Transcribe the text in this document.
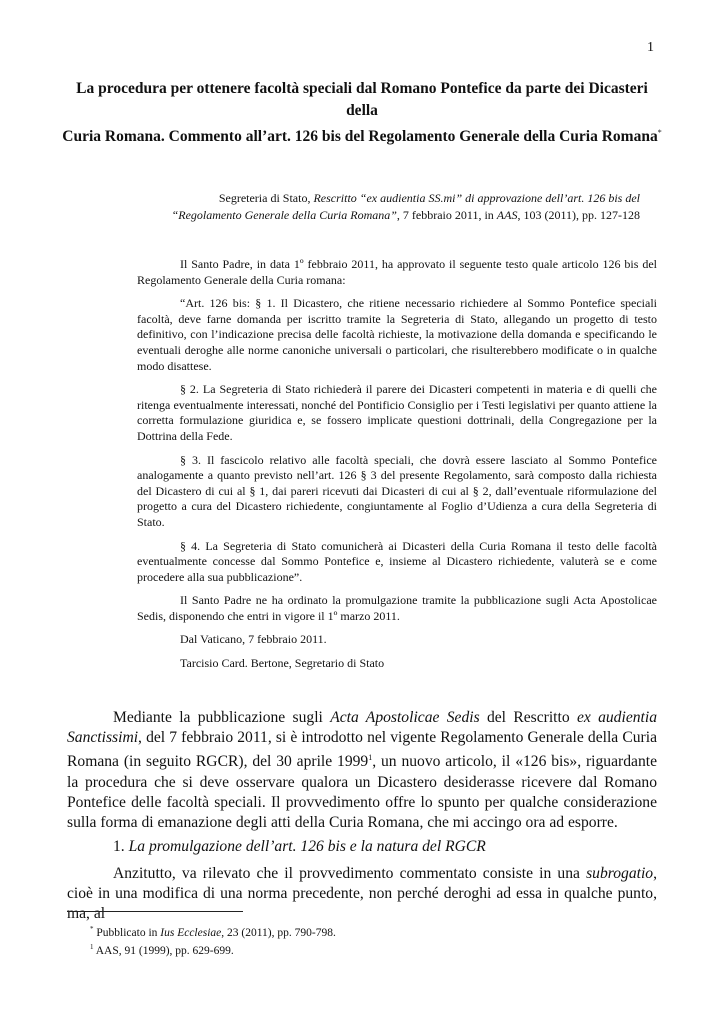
1
La procedura per ottenere facoltà speciali dal Romano Pontefice da parte dei Dicasteri della
Curia Romana. Commento all’art. 126 bis del Regolamento Generale della Curia Romana*
Segreteria di Stato, Rescritto “ex audientia SS.mi” di approvazione dell’art. 126 bis del
“Regolamento Generale della Curia Romana”, 7 febbraio 2011, in AAS, 103 (2011), pp. 127-128

Il Santo Padre, in data 1º febbraio 2011, ha approvato il seguente testo quale articolo 126 bis del Regolamento Generale della Curia romana:

“Art. 126 bis: § 1. Il Dicastero, che ritiene necessario richiedere al Sommo Pontefice speciali facoltà, deve farne domanda per iscritto tramite la Segreteria di Stato, allegando un progetto di testo definitivo, con l’indicazione precisa delle facoltà richieste, la motivazione della domanda e specificando le eventuali deroghe alle norme canoniche universali o particolari, che risulterebbero modificate o in qualche modo disattese.

§ 2. La Segreteria di Stato richiederà il parere dei Dicasteri competenti in materia e di quelli che ritenga eventualmente interessati, nonché del Pontificio Consiglio per i Testi legislativi per quanto attiene la corretta formulazione giuridica e, se fossero implicate questioni dottrinali, della Congregazione per la Dottrina della Fede.

§ 3. Il fascicolo relativo alle facoltà speciali, che dovrà essere lasciato al Sommo Pontefice analogamente a quanto previsto nell’art. 126 § 3 del presente Regolamento, sarà composto dalla richiesta del Dicastero di cui al § 1, dai pareri ricevuti dai Dicasteri di cui al § 2, dall’eventuale riformulazione del progetto a cura del Dicastero richiedente, congiuntamente al Foglio d’Udienza a cura della Segreteria di Stato.

§ 4. La Segreteria di Stato comunicherà ai Dicasteri della Curia Romana il testo delle facoltà eventualmente concesse dal Sommo Pontefice e, insieme al Dicastero richiedente, valuterà se e come procedere alla sua pubblicazione”.

Il Santo Padre ne ha ordinato la promulgazione tramite la pubblicazione sugli Acta Apostolicae Sedis, disponendo che entri in vigore il 1º marzo 2011.

Dal Vaticano, 7 febbraio 2011.

Tarcisio Card. Bertone, Segretario di Stato

Mediante la pubblicazione sugli Acta Apostolicae Sedis del Rescritto ex audientia Sanctissimi, del 7 febbraio 2011, si è introdotto nel vigente Regolamento Generale della Curia Romana (in seguito RGCR), del 30 aprile 1999$^1$, un nuovo articolo, il «126 bis», riguardante la procedura che si deve osservare qualora un Dicastero desiderasse ricevere dal Romano Pontefice delle facoltà speciali. Il provvedimento offre lo spunto per qualche considerazione sulla forma di emanazione degli atti della Curia Romana, che mi accingo ora ad esporre.

1. La promulgazione dell’art. 126 bis e la natura del RGCR

Anzitutto, va rilevato che il provvedimento commentato consiste in una subrogatio, cioè in una modifica di una norma precedente, non perché deroghi ad essa in qualche punto, ma, al

* Pubblicato in Ius Ecclesiae, 23 (2011), pp. 790-798.
$^1$ AAS, 91 (1999), pp. 629-699.
